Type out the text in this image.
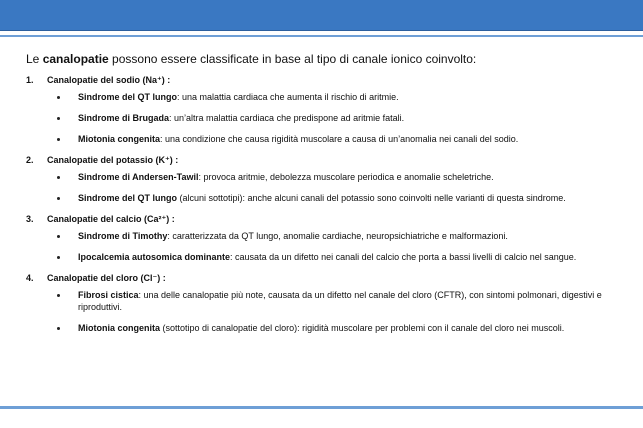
Le canalopatie possono essere classificate in base al tipo di canale ionico coinvolto:

1. Canalopatie del sodio (Na⁺) :
Sindrome del QT lungo: una malattia cardiaca che aumenta il rischio di aritmie.
Sindrome di Brugada: un’altra malattia cardiaca che predispone ad aritmie fatali.
Miotonia congenita: una condizione che causa rigidità muscolare a causa di un’anomalia nei canali del sodio.
2. Canalopatie del potassio (K⁺) :
Sindrome di Andersen-Tawil: provoca aritmie, debolezza muscolare periodica e anomalie scheletriche.
Sindrome del QT lungo (alcuni sottotipi): anche alcuni canali del potassio sono coinvolti nelle varianti di questa sindrome.
3. Canalopatie del calcio (Ca²⁺) :
Sindrome di Timothy: caratterizzata da QT lungo, anomalie cardiache, neuropsichiatriche e malformazioni.
Ipocalcemia autosomica dominante: causata da un difetto nei canali del calcio che porta a bassi livelli di calcio nel sangue.
4. Canalopatie del cloro (Cl⁻) :
Fibrosi cistica: una delle canalopatie più note, causata da un difetto nel canale del cloro (CFTR), con sintomi polmonari, digestivi e riproduttivi.
Miotonia congenita (sottotipo di canalopatie del cloro): rigidità muscolare per problemi con il canale del cloro nei muscoli.
